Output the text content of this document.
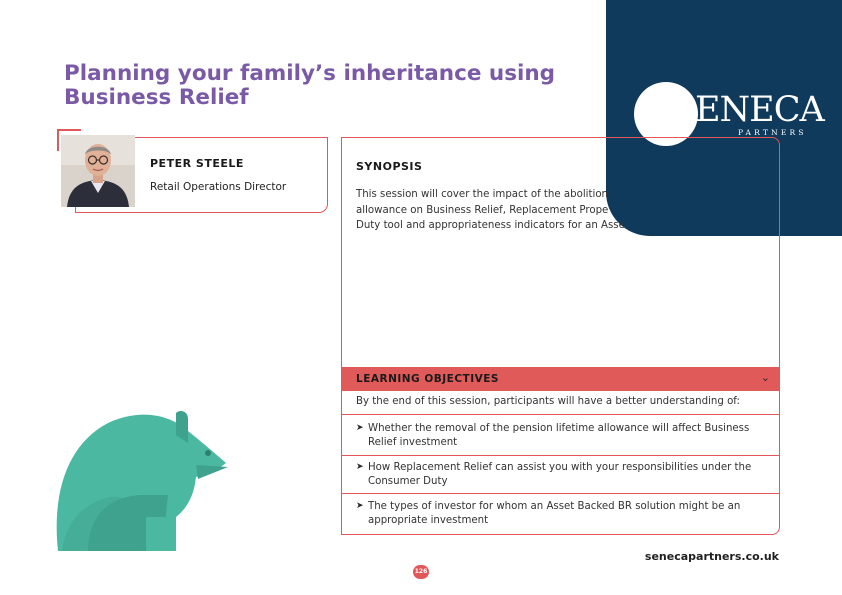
Planning your family’s inheritance using
Business Relief	SENECA
PARTNERS
PETER STEELE
Retail Operations Director
SYNOPSIS

This session will cover the impact of the abolition
allowance on Business Relief, Replacement Prope
Duty tool and appropriateness indicators for an Asse

LEARNING OBJECTIVES	⌄
By the end of this session, participants will have a better understanding of:
➤ Whether the removal of the pension lifetime allowance will affect Business Relief investment
➤ How Replacement Relief can assist you with your responsibilities under the Consumer Duty
➤ The types of investor for whom an Asset Backed BR solution might be an appropriate investment
senecapartners.co.uk
126
